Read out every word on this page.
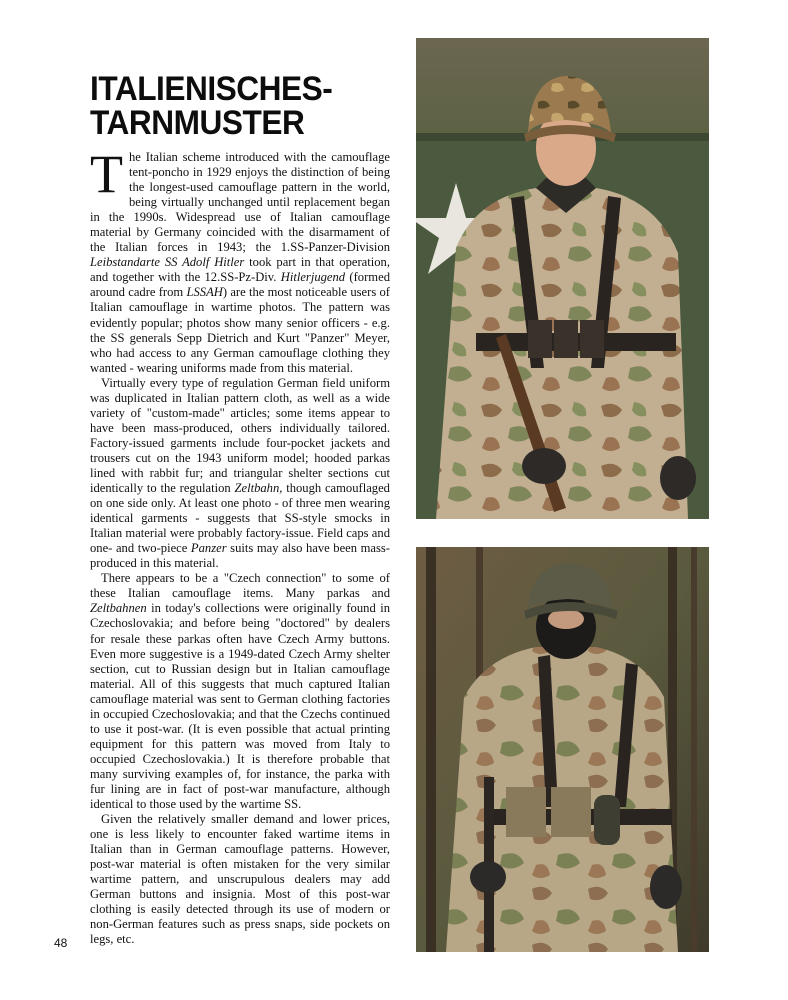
ITALIENISCHES-
TARNMUSTER

The Italian scheme introduced with the camouflage tent-poncho in 1929 enjoys the distinction of being the longest-used camouflage pattern in the world, being virtually unchanged until replacement began in the 1990s. Widespread use of Italian camouflage material by Germany coincided with the disarmament of the Italian forces in 1943; the 1.SS-Panzer-Division Leibstandarte SS Adolf Hitler took part in that operation, and together with the 12.SS-Pz-Div. Hitlerjugend (formed around cadre from LSSAH) are the most noticeable users of Italian camouflage in wartime photos. The pattern was evidently popular; photos show many senior officers - e.g. the SS generals Sepp Dietrich and Kurt "Panzer" Meyer, who had access to any German camouflage clothing they wanted - wearing uniforms made from this material.

Virtually every type of regulation German field uniform was duplicated in Italian pattern cloth, as well as a wide variety of "custom-made" articles; some items appear to have been mass-produced, others individually tailored. Factory-issued garments include four-pocket jackets and trousers cut on the 1943 uniform model; hooded parkas lined with rabbit fur; and triangular shelter sections cut identically to the regulation Zeltbahn, though camouflaged on one side only. At least one photo - of three men wearing identical garments - suggests that SS-style smocks in Italian material were probably factory-issue. Field caps and one- and two-piece Panzer suits may also have been mass-produced in this material.

There appears to be a "Czech connection" to some of these Italian camouflage items. Many parkas and Zeltbahnen in today's collections were originally found in Czechoslovakia; and before being "doctored" by dealers for resale these parkas often have Czech Army buttons. Even more suggestive is a 1949-dated Czech Army shelter section, cut to Russian design but in Italian camouflage material. All of this suggests that much captured Italian camouflage material was sent to German clothing factories in occupied Czechoslovakia; and that the Czechs continued to use it post-war. (It is even possible that actual printing equipment for this pattern was moved from Italy to occupied Czechoslovakia.) It is therefore probable that many surviving examples of, for instance, the parka with fur lining are in fact of post-war manufacture, although identical to those used by the wartime SS.

Given the relatively smaller demand and lower prices, one is less likely to encounter faked wartime items in Italian than in German camouflage patterns. However, post-war material is often mistaken for the very similar wartime pattern, and unscrupulous dealers may add German buttons and insignia. Most of this post-war clothing is easily detected through its use of modern or non-German features such as press snaps, side pockets on legs, etc.

48
